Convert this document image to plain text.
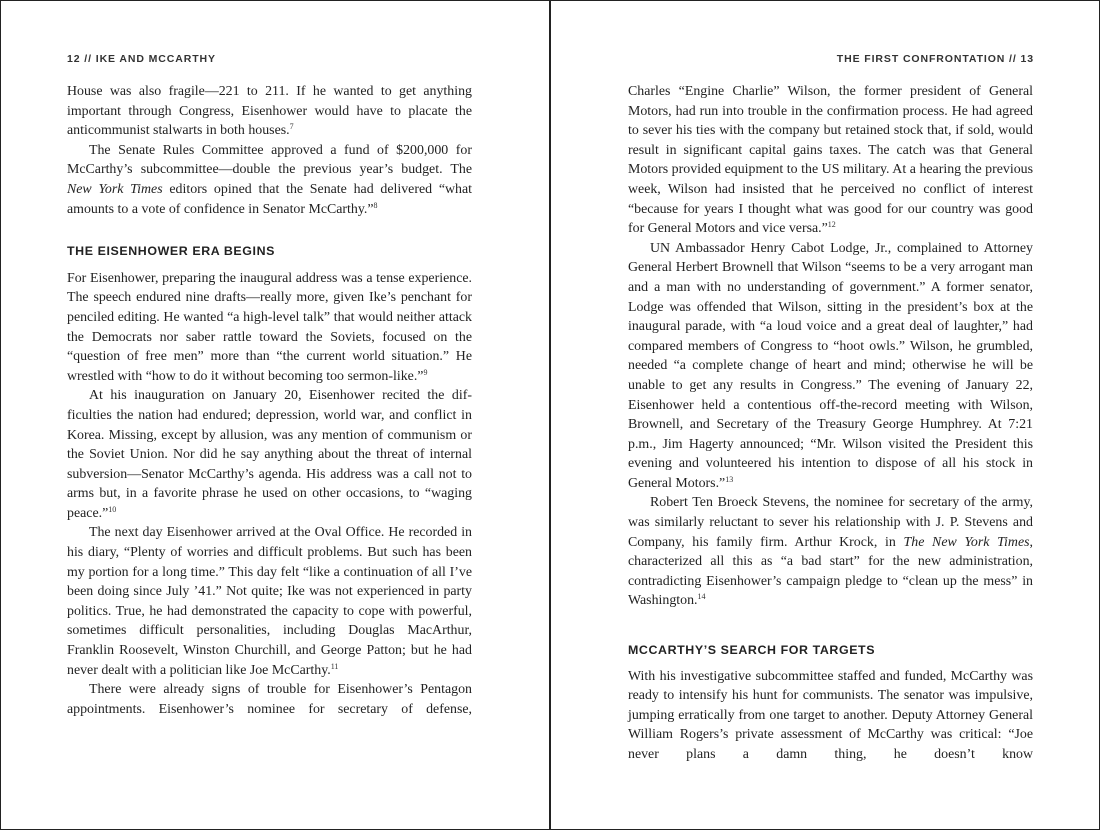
12 // IKE AND MCCARTHY

House was also fragile—221 to 211. If he wanted to get anything important through Congress, Eisenhower would have to placate the anticommunist stalwarts in both houses.$^7$

The Senate Rules Committee approved a fund of $200,000 for McCarthy’s subcommittee—double the previous year’s budget. The New York Times editors opined that the Senate had delivered “what amounts to a vote of confidence in Senator McCarthy.”$^8$

THE EISENHOWER ERA BEGINS

For Eisenhower, preparing the inaugural address was a tense experience. The speech endured nine drafts—really more, given Ike’s penchant for penciled editing. He wanted “a high-level talk” that would neither attack the Democrats nor saber rattle toward the Soviets, focused on the “question of free men” more than “the current world situation.” He wrestled with “how to do it without becoming too sermon-like.”$^9$

At his inauguration on January 20, Eisenhower recited the difficulties the nation had endured; depression, world war, and conflict in Korea. Missing, except by allusion, was any mention of communism or the Soviet Union. Nor did he say anything about the threat of internal subversion—Senator McCarthy’s agenda. His address was a call not to arms but, in a favorite phrase he used on other occasions, to “waging peace.”$^{10}$

The next day Eisenhower arrived at the Oval Office. He recorded in his diary, “Plenty of worries and difficult problems. But such has been my portion for a long time.” This day felt “like a continuation of all I’ve been doing since July ’41.” Not quite; Ike was not experienced in party politics. True, he had demonstrated the capacity to cope with powerful, sometimes difficult personalities, including Douglas MacArthur, Franklin Roosevelt, Winston Churchill, and George Patton; but he had never dealt with a politician like Joe McCarthy.$^{11}$

There were already signs of trouble for Eisenhower’s Pentagon appointments. Eisenhower’s nominee for secretary of defense,

THE FIRST CONFRONTATION // 13

Charles “Engine Charlie” Wilson, the former president of General Motors, had run into trouble in the confirmation process. He had agreed to sever his ties with the company but retained stock that, if sold, would result in significant capital gains taxes. The catch was that General Motors provided equipment to the US military. At a hearing the previous week, Wilson had insisted that he perceived no conflict of interest “because for years I thought what was good for our country was good for General Motors and vice versa.”$^{12}$

UN Ambassador Henry Cabot Lodge, Jr., complained to Attorney General Herbert Brownell that Wilson “seems to be a very arrogant man and a man with no understanding of government.” A former senator, Lodge was offended that Wilson, sitting in the president’s box at the inaugural parade, with “a loud voice and a great deal of laughter,” had compared members of Congress to “hoot owls.” Wilson, he grumbled, needed “a complete change of heart and mind; otherwise he will be unable to get any results in Congress.” The evening of January 22, Eisenhower held a contentious off-the-record meeting with Wilson, Brownell, and Secretary of the Treasury George Humphrey. At 7:21 p.m., Jim Hagerty announced; “Mr. Wilson visited the President this evening and volunteered his intention to dispose of all his stock in General Motors.”$^{13}$

Robert Ten Broeck Stevens, the nominee for secretary of the army, was similarly reluctant to sever his relationship with J. P. Stevens and Company, his family firm. Arthur Krock, in The New York Times, characterized all this as “a bad start” for the new administration, contradicting Eisenhower’s campaign pledge to “clean up the mess” in Washington.$^{14}$

MCCARTHY’S SEARCH FOR TARGETS

With his investigative subcommittee staffed and funded, McCarthy was ready to intensify his hunt for communists. The senator was impulsive, jumping erratically from one target to another. Deputy Attorney General William Rogers’s private assessment of McCarthy was critical: “Joe never plans a damn thing, he doesn’t know
